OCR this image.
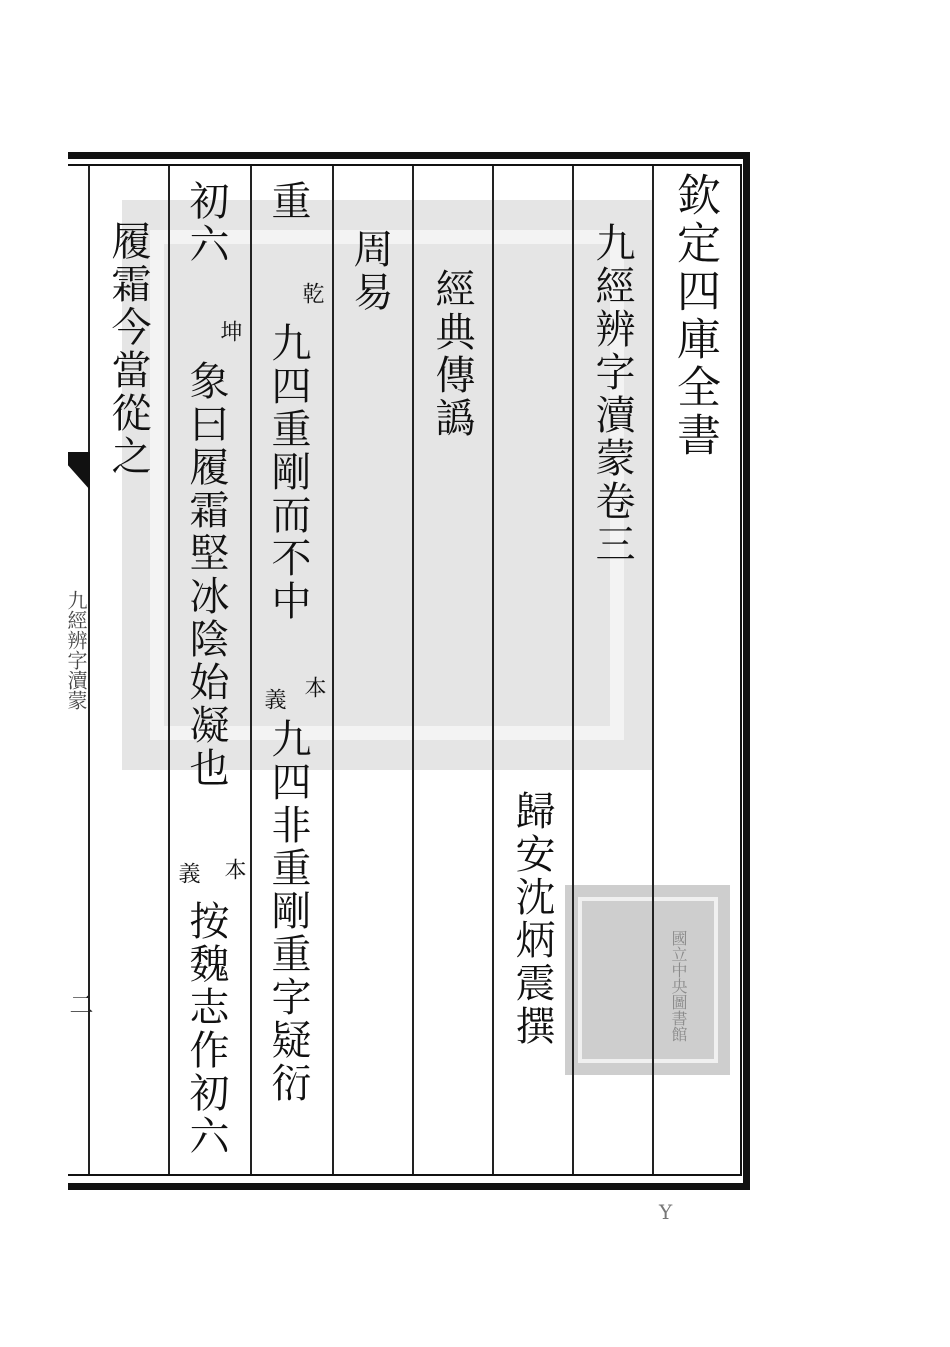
欽定四庫全書
九經辨字瀆蒙卷三
經典傳譌
歸安沈炳震撰
周易
重
乾
九四重剛而不中
本
義
九四非重剛重字疑衍
初六
坤
象曰履霜堅冰陰始凝也
本
義
按魏志作初六
履霜今當從之
九經辨字瀆蒙
二
Y
國立中央圖書館
